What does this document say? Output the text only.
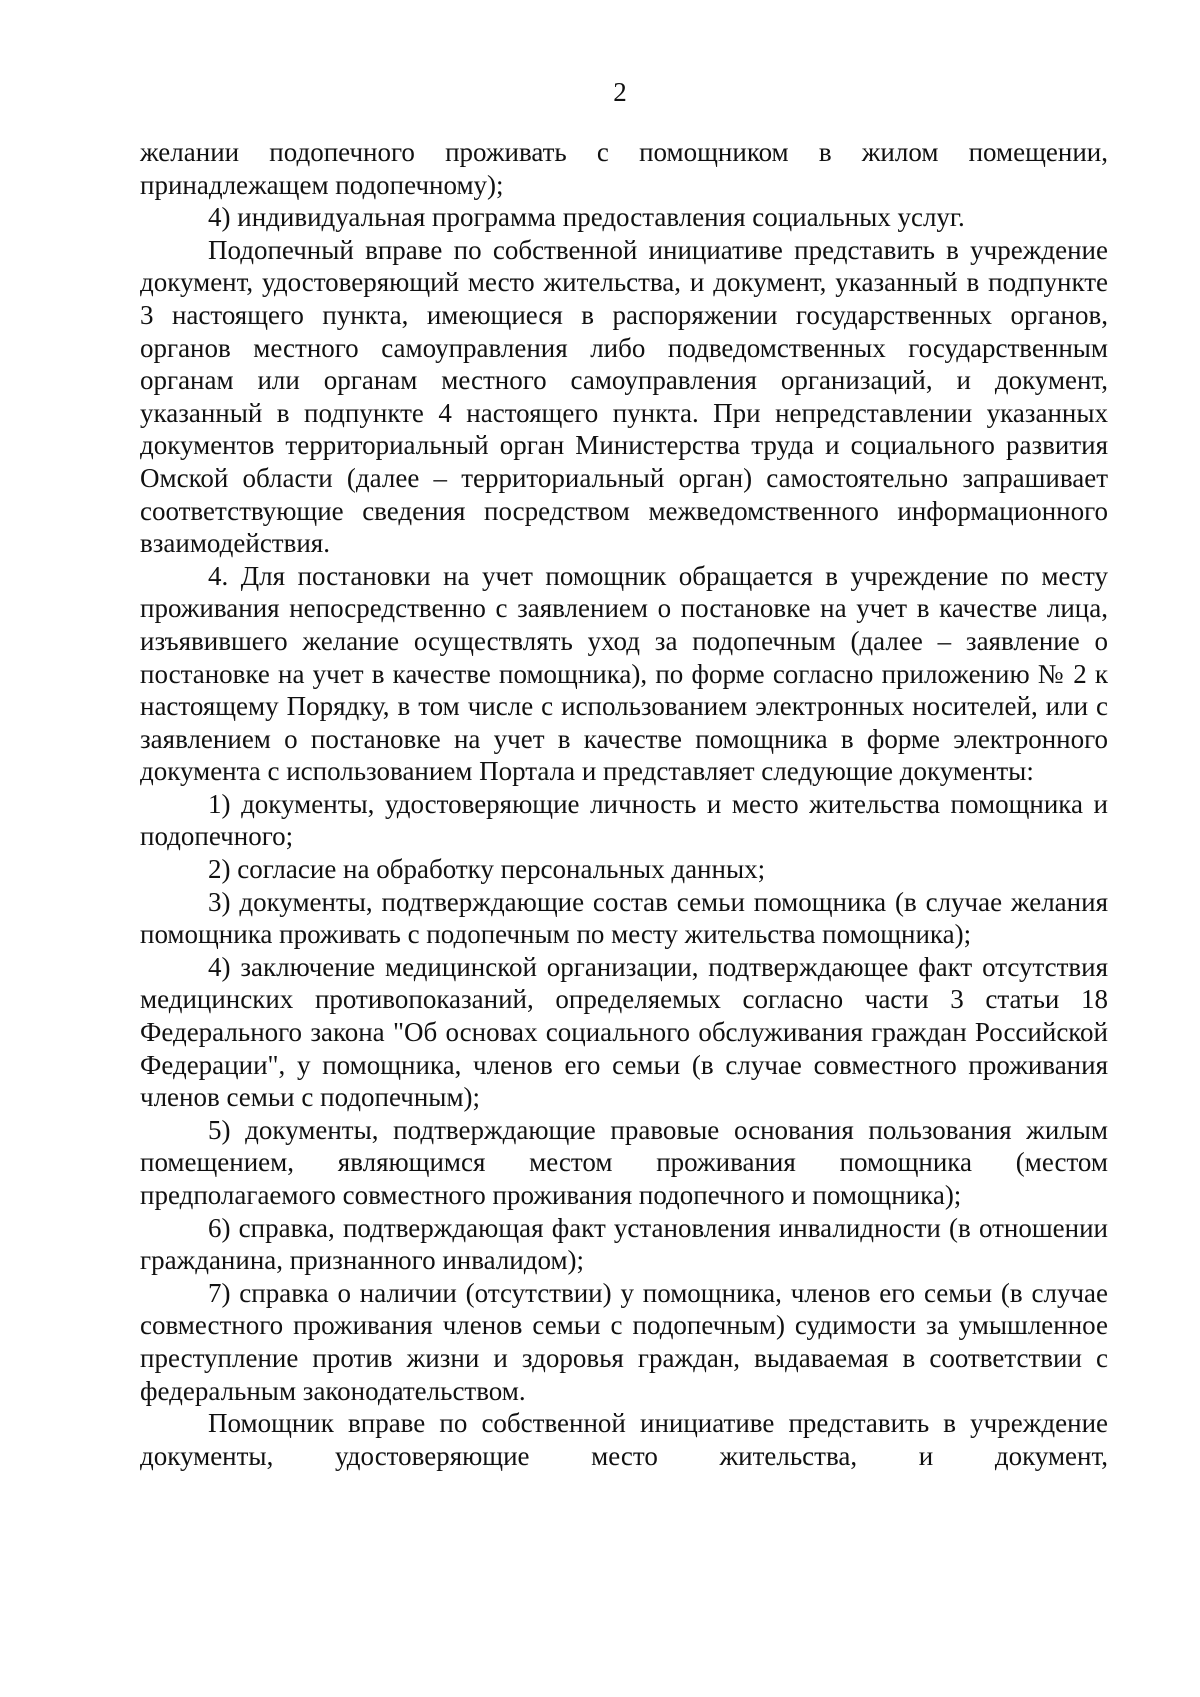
2

желании подопечного проживать с помощником в жилом помещении, принадлежащем подопечному);

4) индивидуальная программа предоставления социальных услуг.

Подопечный вправе по собственной инициативе представить в учреждение документ, удостоверяющий место жительства, и документ, указанный в подпункте 3 настоящего пункта, имеющиеся в распоряжении государственных органов, органов местного самоуправления либо подведомственных государственным органам или органам местного самоуправления организаций, и документ, указанный в подпункте 4 настоящего пункта. При непредставлении указанных документов территориальный орган Министерства труда и социального развития Омской области (далее – территориальный орган) самостоятельно запрашивает соответствующие сведения посредством межведомственного информационного взаимодействия.

4. Для постановки на учет помощник обращается в учреждение по месту проживания непосредственно с заявлением о постановке на учет в качестве лица, изъявившего желание осуществлять уход за подопечным (далее – заявление о постановке на учет в качестве помощника), по форме согласно приложению № 2 к настоящему Порядку, в том числе с использованием электронных носителей, или с заявлением о постановке на учет в качестве помощника в форме электронного документа с использованием Портала и представляет следующие документы:

1) документы, удостоверяющие личность и место жительства помощника и подопечного;

2) согласие на обработку персональных данных;

3) документы, подтверждающие состав семьи помощника (в случае желания помощника проживать с подопечным по месту жительства помощника);

4) заключение медицинской организации, подтверждающее факт отсутствия медицинских противопоказаний, определяемых согласно части 3 статьи 18 Федерального закона "Об основах социального обслуживания граждан Российской Федерации", у помощника, членов его семьи (в случае совместного проживания членов семьи с подопечным);

5) документы, подтверждающие правовые основания пользования жилым помещением, являющимся местом проживания помощника (местом предполагаемого совместного проживания подопечного и помощника);

6) справка, подтверждающая факт установления инвалидности (в отношении гражданина, признанного инвалидом);

7) справка о наличии (отсутствии) у помощника, членов его семьи (в случае совместного проживания членов семьи с подопечным) судимости за умышленное преступление против жизни и здоровья граждан, выдаваемая в соответствии с федеральным законодательством.

Помощник вправе по собственной инициативе представить в учреждение документы, удостоверяющие место жительства, и документ,
